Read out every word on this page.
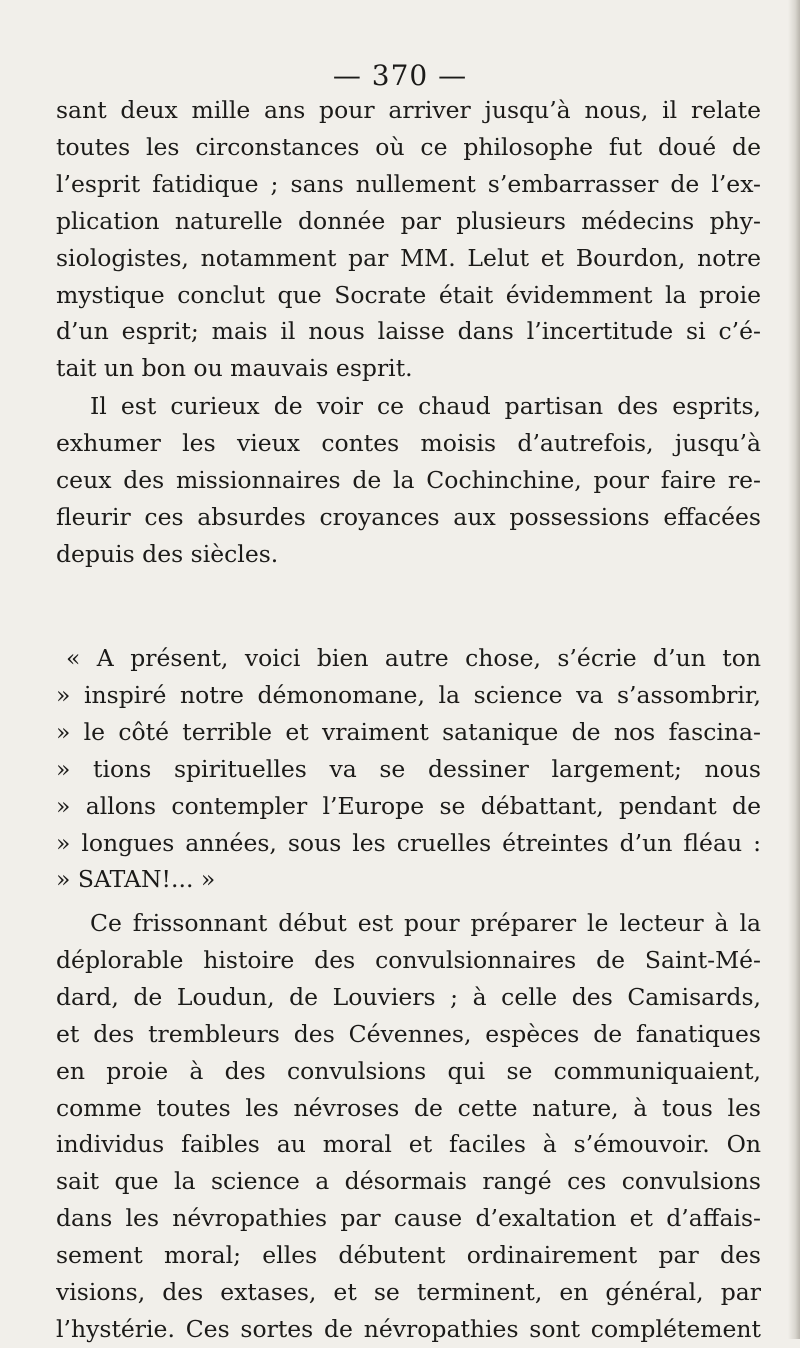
— 370 —

sant deux mille ans pour arriver jusqu’à nous, il relate
toutes les circonstances où ce philosophe fut doué de
l’esprit fatidique ; sans nullement s’embarrasser de l’ex-
plication naturelle donnée par plusieurs médecins phy-
siologistes, notamment par MM. Lelut et Bourdon, notre
mystique conclut que Socrate était évidemment la proie
d’un esprit; mais il nous laisse dans l’incertitude si c’é-
tait un bon ou mauvais esprit.

Il est curieux de voir ce chaud partisan des esprits,
exhumer les vieux contes moisis d’autrefois, jusqu’à
ceux des missionnaires de la Cochinchine, pour faire re-
fleurir ces absurdes croyances aux possessions effacées
depuis des siècles.

« A présent, voici bien autre chose, s’écrie d’un ton
» inspiré notre démonomane, la science va s’assombrir,
» le côté terrible et vraiment satanique de nos fascina-
» tions spirituelles va se dessiner largement; nous
» allons contempler l’Europe se débattant, pendant de
» longues années, sous les cruelles étreintes d’un fléau :
» SATAN!... »

Ce frissonnant début est pour préparer le lecteur à la
déplorable histoire des convulsionnaires de Saint-Mé-
dard, de Loudun, de Louviers ; à celle des Camisards,
et des trembleurs des Cévennes, espèces de fanatiques
en proie à des convulsions qui se communiquaient,
comme toutes les névroses de cette nature, à tous les
individus faibles au moral et faciles à s’émouvoir. On
sait que la science a désormais rangé ces convulsions
dans les névropathies par cause d’exaltation et d’affais-
sement moral; elles débutent ordinairement par des
visions, des extases, et se terminent, en général, par
l’hystérie. Ces sortes de névropathies sont complétement
